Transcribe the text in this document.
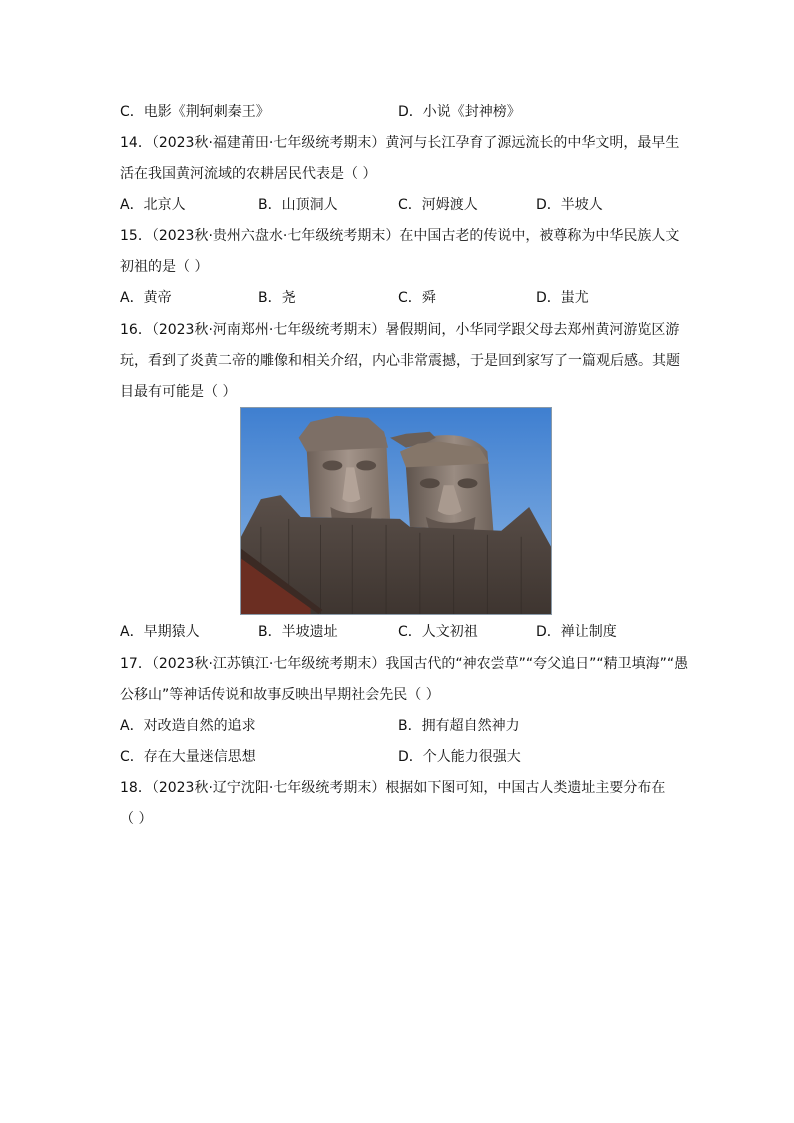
C．电影《荆轲刺秦王》	D．小说《封神榜》
14．（2023秋·福建莆田·七年级统考期末）黄河与长江孕育了源远流长的中华文明，最早生
活在我国黄河流域的农耕居民代表是（ ）
A．北京人	B．山顶洞人	C．河姆渡人	D．半坡人
15．（2023秋·贵州六盘水·七年级统考期末）在中国古老的传说中，被尊称为中华民族人文
初祖的是（ ）
A．黄帝	B．尧	C．舜	D．蚩尤
16．（2023秋·河南郑州·七年级统考期末）暑假期间，小华同学跟父母去郑州黄河游览区游
玩，看到了炎黄二帝的雕像和相关介绍，内心非常震撼，于是回到家写了一篇观后感。其题
目最有可能是（ ）
A．早期猿人	B．半坡遗址	C．人文初祖	D．禅让制度
17．（2023秋·江苏镇江·七年级统考期末）我国古代的“神农尝草”“夸父追日”“精卫填海”“愚
公移山”等神话传说和故事反映出早期社会先民（ ）
A．对改造自然的追求	B．拥有超自然神力
C．存在大量迷信思想	D．个人能力很强大
18．（2023秋·辽宁沈阳·七年级统考期末）根据如下图可知，中国古人类遗址主要分布在
（ ）
